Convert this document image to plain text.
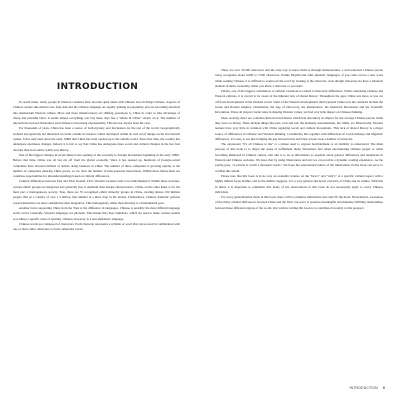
INTRODUCTION

In recent times, many people in Western countries have become quite taken with Chinese and all things Chinese. Aspects of Chinese culture like martial arts, feng shui and the Chinese language are rapidly gaining in popularity, and are becoming absorbed into mainstream Western culture. More and more manufacturers are shifting operations to China in order to take advantage of cheap and plentiful labor. It seems almost everything you buy these days has a "Made in China" sticker on it. The number of interactions between Westerners and Chinese is increasing exponentially. This has not always been the case.

For thousands of years, China has been a source of both mystery and fascination for the rest of the world. Geographically isolated and generally not interested in events outside its borders, China developed within its own set of unique social and cultural values. It has only been since the early 1980s that China has truly opened up to the outside world. Since that time, the country has undergone enormous changes. Indeed, it is fair to say that China has undergone more social and cultural changes in the last four decades than in its entire 4,000-year history.

One of the biggest changes in recent times is the opening of the economy to foreign investment beginning in the early 1980s. Before that time, China was all but cut off from the global economy. Since it has opened up, hundreds of foreign-owned companies have invested billions of dollars doing business in China. The number of these companies is growing rapidly as the number of companies entering China grows, so too does the number of inter-personal interactions. Within these interactions are countless opportunities for misunderstandings based on cultural differences.

Cultural differences between East and West abound. First, Western societies tend to be individualized. Within these societies, various ethnic groups are integrated and generally free to maintain their unique characteristics. China, on the other hand, is for the most part a homogeneous society. True, there are 55 recognized ethnic minority groups in China, totaling almost 100 million people. But as a country of over 1.3 billion, that number is a mere drop in the bucket. Furthermore, Chinese domestic policies toward minorities are more assimilative than integrative. This homogeneity rather than diversity is a fundamental goal.

Another factor separating China from the West is the difference in languages. Chinese is possibly the most difficult language in the world. Generally, Western languages are phonetic. This means they have alphabets, which are used to make various sounds according to specific rules of spelling. Chinese, however, is a non-alphabetic language.

Chinese words are composed of characters. Each character represents a syllable or word that can be used in combination with one or more other characters to form compound words.

There are over 45,000 characters and the only way to know them is through memorization, a well-educated Chinese person today recognizes about 6,000 to 7,000 characters. Unlike English and other phonetic languages, if you come across a new word while reading Chinese, it is difficult to sound out the word by looking at the character, even though characters do have a phonetic element in them. Generally, either you know a character or you don't.

Finally, one of the biggest contributors to cultural variations is related to historical differences. When comparing Chinese and Western cultures, it is crucial to be aware of the inherent lack of shared history. Throughout the ages, China was more or less cut off from developments in the Western world. Some of the Western developments that bypassed China over the centuries include the Greek and Roman empires, Christianity, the Age of Discovery, the Renaissance, the Industrial Revolution and the Scientific Revolution. These all played crucial roles in shaping Western values, yet had very little impact on Chinese thinking.

More recently, there are countless historical incidences which had absolutely no impact for the average Chinese person while they were occurring. These include things like jazz, rock and roll, the Kennedy assassinations, the 1960s, etc. Historically, Western notions have very little in common with China regarding social and cultural movements. This lack of shared history is a major source of differences in Chinese and Western thinking. Considering this together with differences in social makeup and linguistic differences, it is easy to see that bridging the gap between East and West at least took a number of obstacles.

The expression "It's all Chinese to me" is a phrase used to express bewilderment or an inability to understand. The main purpose of this book is to dispel the sense of bafflement many Westerners feel when encountering Chinese people or when becoming immersed in Chinese culture. Our aim is to be as informative as possible about general differences and tendencies in Western and Chinese societies. We hope that by using illustrations and text we can provide a dynamic reading experience. As the saying goes, "A picture is worth a thousand words." We hope the expressional nature of the illustrations in this book can serve to confirm this axiom.

Please note that this book is in no way an academic treatise on the "how's" and "why's" of a specific cultural aspect with a highly limited focus. Rather, and as the subtitle suggests, it is a very general and broad overview of China and its culture. With this in mind, it is important to remember that many of the observations in this book do not necessarily apply to every Chinese individual.

For every generalization made in this book, there will be countless individuals who don't fit the mold. Nevertheless, awareness of the many cultural differences between China and the West can serve to promote meaningful and mutually fulfilling relationships between these different regions of the world. Our wish in writing this book is to contribute favorably to this prospect.

INTRODUCTION 9
